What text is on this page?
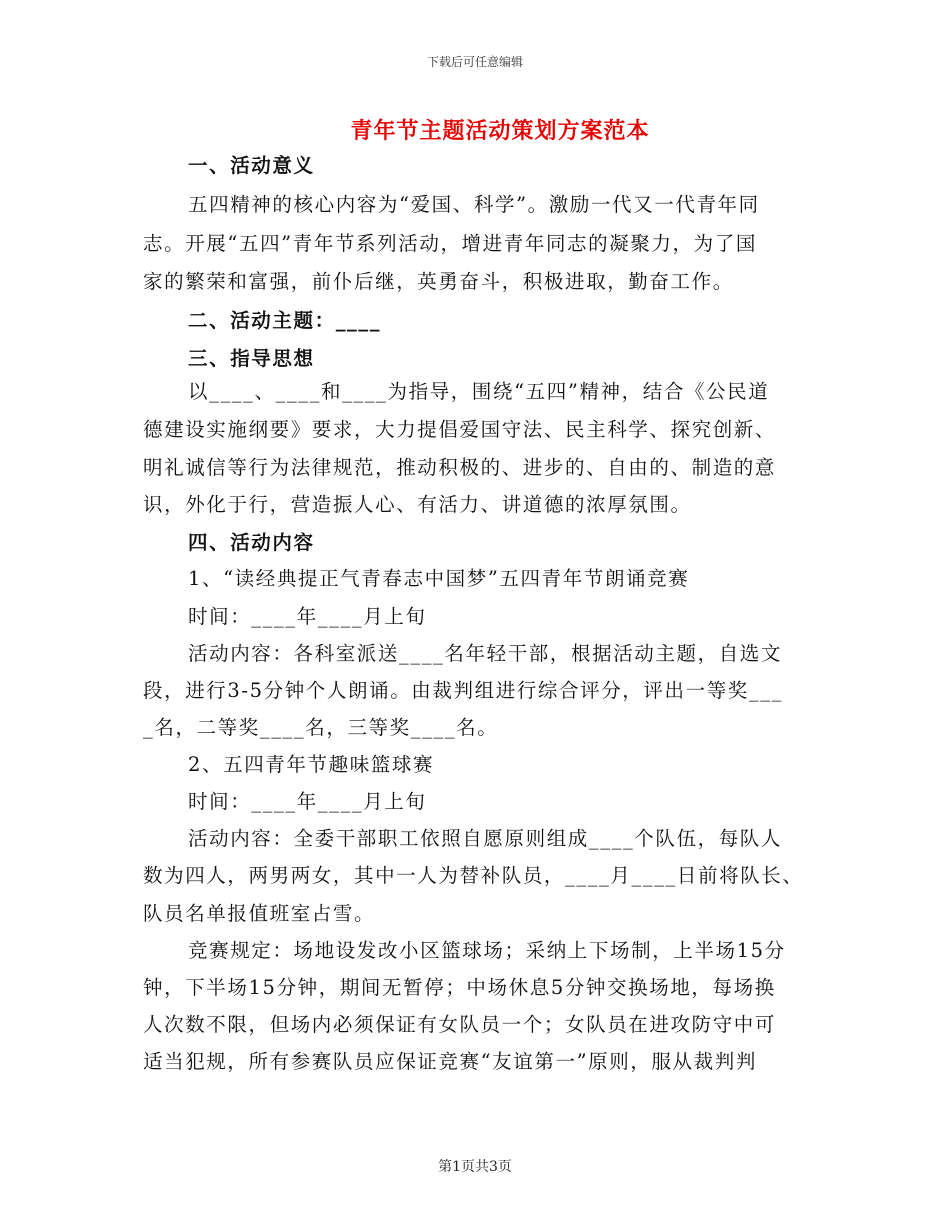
下载后可任意编辑
青年节主题活动策划方案范本
一、活动意义
五四精神的核心内容为“爱国、科学”。激励一代又一代青年同
志。开展“五四”青年节系列活动，增进青年同志的凝聚力，为了国
家的繁荣和富强，前仆后继，英勇奋斗，积极进取，勤奋工作。
二、活动主题：____
三、指导思想
以____、____和____为指导，围绕“五四”精神，结合《公民道
德建设实施纲要》要求，大力提倡爱国守法、民主科学、探究创新、
明礼诚信等行为法律规范，推动积极的、进步的、自由的、制造的意
识，外化于行，营造振人心、有活力、讲道德的浓厚氛围。
四、活动内容
1、“读经典提正气青春志中国梦”五四青年节朗诵竞赛
时间：____年____月上旬
活动内容：各科室派送____名年轻干部，根据活动主题，自选文
段，进行3-5分钟个人朗诵。由裁判组进行综合评分，评出一等奖___
_名，二等奖____名，三等奖____名。
2、五四青年节趣味篮球赛
时间：____年____月上旬
活动内容：全委干部职工依照自愿原则组成____个队伍，每队人
数为四人，两男两女，其中一人为替补队员，____月____日前将队长、
队员名单报值班室占雪。
竞赛规定：场地设发改小区篮球场；采纳上下场制，上半场15分
钟，下半场15分钟，期间无暂停；中场休息5分钟交换场地，每场换
人次数不限，但场内必须保证有女队员一个；女队员在进攻防守中可
适当犯规，所有参赛队员应保证竞赛“友谊第一”原则，服从裁判判
第1页共3页
